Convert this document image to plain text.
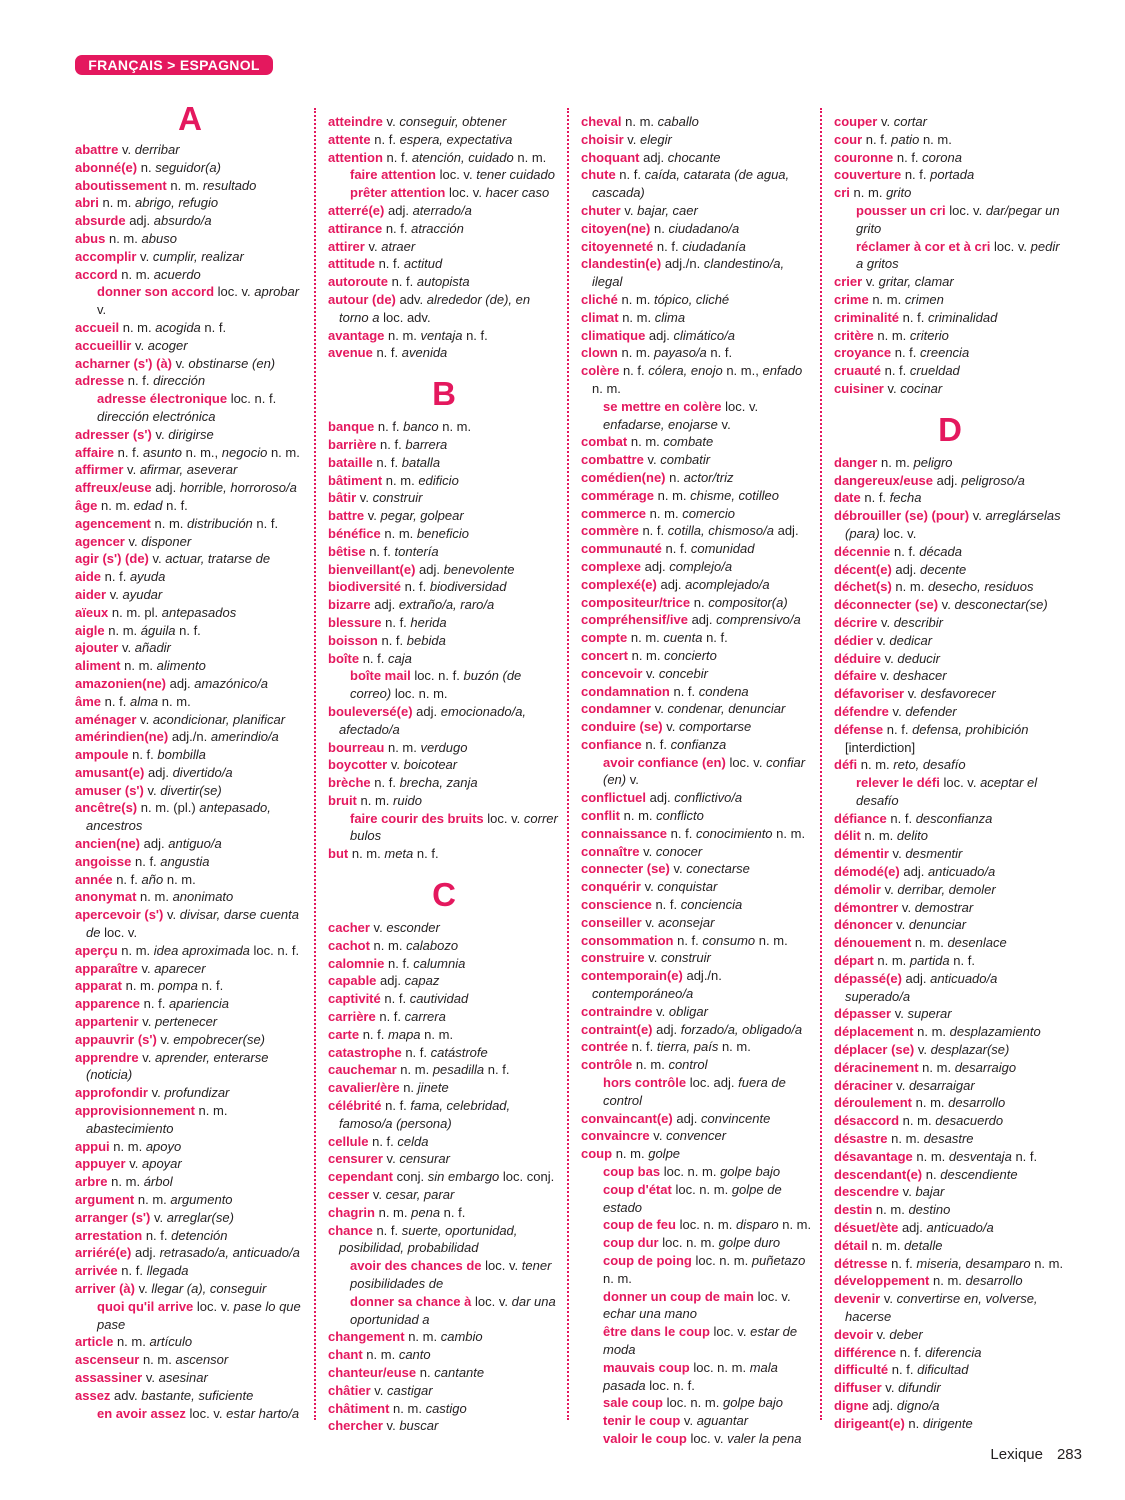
FRANÇAIS > ESPAGNOL
A
abattre v. derribar
abonné(e) n. seguidor(a)
aboutissement n. m. resultado
abri n. m. abrigo, refugio
absurde adj. absurdo/a
abus n. m. abuso
accomplir v. cumplir, realizar
accord n. m. acuerdo
donner son accord loc. v. aprobar v.
accueil n. m. acogida n. f.
accueillir v. acoger
acharner (s') (à) v. obstinarse (en)
adresse n. f. dirección
adresse électronique loc. n. f. dirección electrónica
adresser (s') v. dirigirse
affaire n. f. asunto n. m., negocio n. m.
affirmer v. afirmar, aseverar
affreux/euse adj. horrible, horroroso/a
âge n. m. edad n. f.
agencement n. m. distribución n. f.
agencer v. disponer
agir (s') (de) v. actuar, tratarse de
aide n. f. ayuda
aider v. ayudar
aïeux n. m. pl. antepasados
aigle n. m. águila n. f.
ajouter v. añadir
aliment n. m. alimento
amazonien(ne) adj. amazónico/a
âme n. f. alma n. m.
aménager v. acondicionar, planificar
amérindien(ne) adj./n. amerindio/a
ampoule n. f. bombilla
amusant(e) adj. divertido/a
amuser (s') v. divertir(se)
ancêtre(s) n. m. (pl.) antepasado, ancestros
ancien(ne) adj. antiguo/a
angoisse n. f. angustia
année n. f. año n. m.
anonymat n. m. anonimato
apercevoir (s') v. divisar, darse cuenta de loc. v.
aperçu n. m. idea aproximada loc. n. f.
apparaître v. aparecer
apparat n. m. pompa n. f.
apparence n. f. apariencia
appartenir v. pertenecer
appauvrir (s') v. empobrecer(se)
apprendre v. aprender, enterarse (noticia)
approfondir v. profundizar
approvisionnement n. m. abastecimiento
appui n. m. apoyo
appuyer v. apoyar
arbre n. m. árbol
argument n. m. argumento
arranger (s') v. arreglar(se)
arrestation n. f. detención
arriéré(e) adj. retrasado/a, anticuado/a
arrivée n. f. llegada
arriver (à) v. llegar (a), conseguir
quoi qu'il arrive loc. v. pase lo que pase
article n. m. artículo
ascenseur n. m. ascensor
assassiner v. asesinar
assez adv. bastante, suficiente
en avoir assez loc. v. estar harto/a
atteindre v. conseguir, obtener
attente n. f. espera, expectativa
attention n. f. atención, cuidado n. m.
faire attention loc. v. tener cuidado
prêter attention loc. v. hacer caso
atterré(e) adj. aterrado/a
attirance n. f. atracción
attirer v. atraer
attitude n. f. actitud
autoroute n. f. autopista
autour (de) adv. alrededor (de), en torno a loc. adv.
avantage n. m. ventaja n. f.
avenue n. f. avenida
B
banque n. f. banco n. m.
barrière n. f. barrera
bataille n. f. batalla
bâtiment n. m. edificio
bâtir v. construir
battre v. pegar, golpear
bénéfice n. m. beneficio
bêtise n. f. tontería
bienveillant(e) adj. benevolente
biodiversité n. f. biodiversidad
bizarre adj. extraño/a, raro/a
blessure n. f. herida
boisson n. f. bebida
boîte n. f. caja
boîte mail loc. n. f. buzón (de correo) loc. n. m.
bouleversé(e) adj. emocionado/a, afectado/a
bourreau n. m. verdugo
boycotter v. boicotear
brèche n. f. brecha, zanja
bruit n. m. ruido
faire courir des bruits loc. v. correr bulos
but n. m. meta n. f.
C
cacher v. esconder
cachot n. m. calabozo
calomnie n. f. calumnia
capable adj. capaz
captivité n. f. cautividad
carrière n. f. carrera
carte n. f. mapa n. m.
catastrophe n. f. catástrofe
cauchemar n. m. pesadilla n. f.
cavalier/ère n. jinete
célébrité n. f. fama, celebridad, famoso/a (persona)
cellule n. f. celda
censurer v. censurar
cependant conj. sin embargo loc. conj.
cesser v. cesar, parar
chagrin n. m. pena n. f.
chance n. f. suerte, oportunidad, posibilidad, probabilidad
avoir des chances de loc. v. tener posibilidades de
donner sa chance à loc. v. dar una oportunidad a
changement n. m. cambio
chant n. m. canto
chanteur/euse n. cantante
châtier v. castigar
châtiment n. m. castigo
chercher v. buscar
cheval n. m. caballo
choisir v. elegir
choquant adj. chocante
chute n. f. caída, catarata (de agua, cascada)
chuter v. bajar, caer
citoyen(ne) n. ciudadano/a
citoyenneté n. f. ciudadanía
clandestin(e) adj./n. clandestino/a, ilegal
cliché n. m. tópico, cliché
climat n. m. clima
climatique adj. climático/a
clown n. m. payaso/a n. f.
colère n. f. cólera, enojo n. m., enfado n. m.
se mettre en colère loc. v. enfadarse, enojarse v.
combat n. m. combate
combattre v. combatir
comédien(ne) n. actor/triz
commérage n. m. chisme, cotilleo
commerce n. m. comercio
commère n. f. cotilla, chismoso/a adj.
communauté n. f. comunidad
complexe adj. complejo/a
complexé(e) adj. acomplejado/a
compositeur/trice n. compositor(a)
compréhensif/ive adj. comprensivo/a
compte n. m. cuenta n. f.
concert n. m. concierto
concevoir v. concebir
condamnation n. f. condena
condamner v. condenar, denunciar
conduire (se) v. comportarse
confiance n. f. confianza
avoir confiance (en) loc. v. confiar (en) v.
conflictuel adj. conflictivo/a
conflit n. m. conflicto
connaissance n. f. conocimiento n. m.
connaître v. conocer
connecter (se) v. conectarse
conquérir v. conquistar
conscience n. f. conciencia
conseiller v. aconsejar
consommation n. f. consumo n. m.
construire v. construir
contemporain(e) adj./n. contemporáneo/a
contraindre v. obligar
contraint(e) adj. forzado/a, obligado/a
contrée n. f. tierra, país n. m.
contrôle n. m. control
hors contrôle loc. adj. fuera de control
convaincant(e) adj. convincente
convaincre v. convencer
coup n. m. golpe
coup bas loc. n. m. golpe bajo
coup d'état loc. n. m. golpe de estado
coup de feu loc. n. m. disparo n. m.
coup dur loc. n. m. golpe duro
coup de poing loc. n. m. puñetazo n. m.
donner un coup de main loc. v. echar una mano
être dans le coup loc. v. estar de moda
mauvais coup loc. n. m. mala pasada loc. n. f.
sale coup loc. n. m. golpe bajo
tenir le coup v. aguantar
valoir le coup loc. v. valer la pena
couper v. cortar
cour n. f. patio n. m.
couronne n. f. corona
couverture n. f. portada
cri n. m. grito
pousser un cri loc. v. dar/pegar un grito
réclamer à cor et à cri loc. v. pedir a gritos
crier v. gritar, clamar
crime n. m. crimen
criminalité n. f. criminalidad
critère n. m. criterio
croyance n. f. creencia
cruauté n. f. crueldad
cuisiner v. cocinar
D
danger n. m. peligro
dangereux/euse adj. peligroso/a
date n. f. fecha
débrouiller (se) (pour) v. arreglárselas (para) loc. v.
décennie n. f. década
décent(e) adj. decente
déchet(s) n. m. desecho, residuos
déconnecter (se) v. desconectar(se)
décrire v. describir
dédier v. dedicar
déduire v. deducir
défaire v. deshacer
défavoriser v. desfavorecer
défendre v. defender
défense n. f. defensa, prohibición [interdiction]
défi n. m. reto, desafío
relever le défi loc. v. aceptar el desafío
défiance n. f. desconfianza
délit n. m. delito
démentir v. desmentir
démodé(e) adj. anticuado/a
démolir v. derribar, demoler
démontrer v. demostrar
dénoncer v. denunciar
dénouement n. m. desenlace
départ n. m. partida n. f.
dépassé(e) adj. anticuado/a superado/a
dépasser v. superar
déplacement n. m. desplazamiento
déplacer (se) v. desplazar(se)
déracinement n. m. desarraigo
déraciner v. desarraigar
déroulement n. m. desarrollo
désaccord n. m. desacuerdo
désastre n. m. desastre
désavantage n. m. desventaja n. f.
descendant(e) n. descendiente
descendre v. bajar
destin n. m. destino
désuet/ète adj. anticuado/a
détail n. m. detalle
détresse n. f. miseria, desamparo n. m.
développement n. m. desarrollo
devenir v. convertirse en, volverse, hacerse
devoir v. deber
différence n. f. diferencia
difficulté n. f. dificultad
diffuser v. difundir
digne adj. digno/a
dirigeant(e) n. dirigente
Lexique 283
